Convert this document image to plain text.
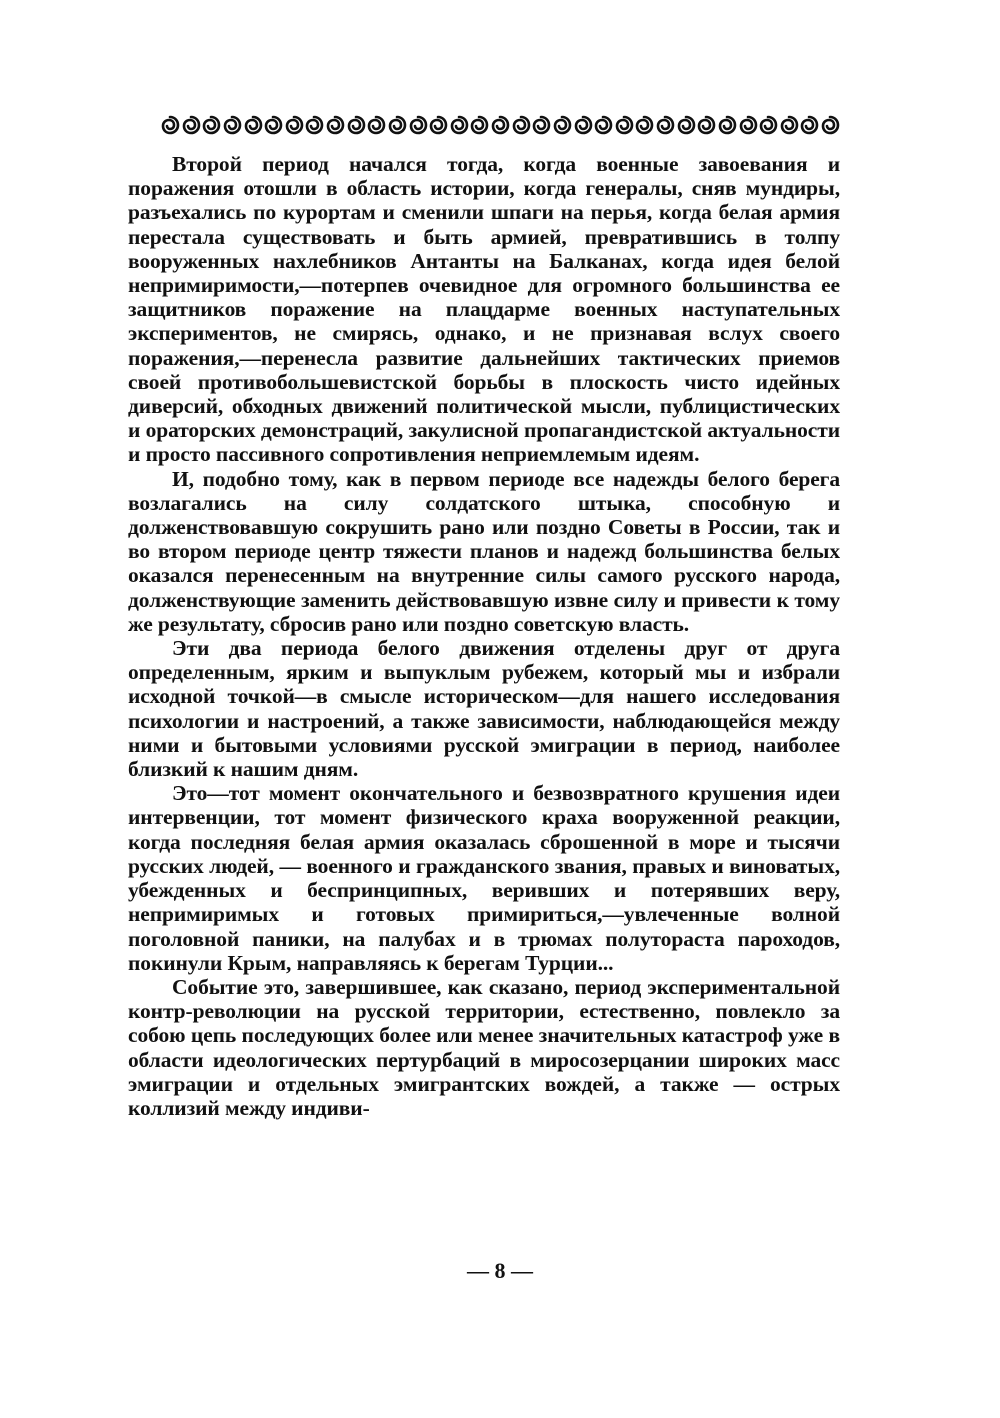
Второй период начался тогда, когда военные завоевания и поражения отошли в область истории, когда генералы, сняв мундиры, разъехались по курортам и сменили шпаги на перья, когда белая армия перестала существовать и быть армией, превратившись в толпу вооруженных нахлебников Антанты на Балканах, когда идея белой непримиримости,—потерпев очевидное для огромного большинства ее защитников поражение на плацдарме военных наступательных экспериментов, не смирясь, однако, и не признавая вслух своего поражения,—перенесла развитие дальнейших тактических приемов своей противобольшевистской борьбы в плоскость чисто идейных диверсий, обходных движений политической мысли, публицистических и ораторских демонстраций, закулисной пропагандистской актуальности и просто пассивного сопротивления неприемлемым идеям.

И, подобно тому, как в первом периоде все надежды белого берега возлагались на силу солдатского штыка, способную и долженствовавшую сокрушить рано или поздно Советы в России, так и во втором периоде центр тяжести планов и надежд большинства белых оказался перенесенным на внутренние силы самого русского народа, долженствующие заменить действовавшую извне силу и привести к тому же результату, сбросив рано или поздно советскую власть.

Эти два периода белого движения отделены друг от друга определенным, ярким и выпуклым рубежем, который мы и избрали исходной точкой—в смысле историческом—для нашего исследования психологии и настроений, а также зависимости, наблюдающейся между ними и бытовыми условиями русской эмиграции в период, наиболее близкий к нашим дням.

Это—тот момент окончательного и безвозвратного крушения идеи интервенции, тот момент физического краха вооруженной реакции, когда последняя белая армия оказалась сброшенной в море и тысячи русских людей, — военного и гражданского звания, правых и виноватых, убежденных и беспринципных, веривших и потерявших веру, непримиримых и готовых примириться,—увлеченные волной поголовной паники, на палубах и в трюмах полутораста пароходов, покинули Крым, направляясь к берегам Турции...

Событие это, завершившее, как сказано, период экспериментальной контр-революции на русской территории, естественно, повлекло за собою цепь последующих более или менее значительных катастроф уже в области идеологических пертурбаций в миросозерцании широких масс эмиграции и отдельных эмигрантских вождей, а также — острых коллизий между индиви-

— 8 —
